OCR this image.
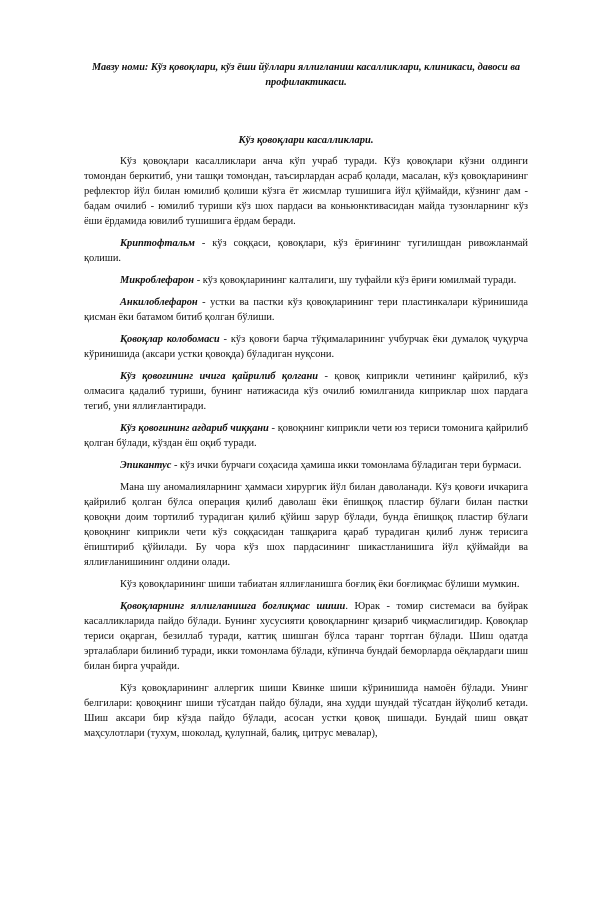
Мавзу номи: Кўз қовоқлари, кўз ёши йўллари яллиғланиш касалликлари, клиникаси, давоси ва профилактикаси.
Кўз қовоқлари касалликлари.

Кўз қовоқлари касалликлари анча кўп учраб туради. Кўз қовоқлари кўзни олдинги томондан беркитиб, уни ташқи томондан, таъсирлардан асраб қолади, масалан, кўз қовоқларининг рефлектор йўл билан юмилиб қолиши кўзга ёт жисмлар тушишига йўл қўймайди, кўзнинг дам - бадам очилиб - юмилиб туриши кўз шох пардаси ва коньюнктивасидан майда тузонларнинг кўз ёши ёрдамида ювилиб тушишига ёрдам беради.

Криптофтальм - кўз соққаси, қовоқлари, кўз ёриғининг тугилишдан ривожланмай қолиши.

Микроблефарон - кўз қовоқларининг калталиги, шу туфайли кўз ёриғи юмилмай туради.

Анкилоблефарон - устки ва пастки кўз қовоқларининг тери пластинкалари кўринишида қисман ёки батамом битиб қолган бўлиши.

Қовоқлар колобомаси - кўз қовоғи барча тўқималарининг учбурчак ёки думалоқ чуқурча кўринишида (аксари устки қовоқда) бўладиган нуқсони.

Кўз қовоғининг ичига қайрилиб қолгани - қовоқ киприкли четининг қайрилиб, кўз олмасига қадалиб туриши, бунинг натижасида кўз очилиб юмилганида киприклар шох пардага тегиб, уни яллиғлантиради.

Кўз қовоғининг ағдариб чиққани - қовоқнинг киприкли чети юз териси томонига қайрилиб қолган бўлади, кўздан ёш оқиб туради.

Эпикантус - кўз ички бурчаги соҳасида ҳамиша икки томонлама бўладиган тери бурмаси.

Мана шу аномалияларнинг ҳаммаси хирургик йўл билан даволанади. Кўз қовоғи ичкарига қайрилиб қолган бўлса операция қилиб даволаш ёки ёпишқоқ пластир бўлаги билан пастки қовоқни доим тортилиб турадиган қилиб қўйиш зарур бўлади, бунда ёпишқоқ пластир бўлаги қовоқнинг киприкли чети кўз соққасидан ташқарига қараб турадиган қилиб лунж терисига ёпиштириб қўйилади. Бу чора кўз шох пардасининг шикастланишига йўл қўймайди ва яллиғланишининг олдини олади.

Кўз қовоқларининг шиши табиатан яллиғланишга боғлиқ ёки боғлиқмас бўлиши мумкин.

Қовоқларнинг яллиғланишга боғлиқмас шиши. Юрак - томир системаси ва буйрак касалликларида пайдо бўлади. Бунинг хусусияти қовоқларнинг қизариб чиқмаслигидир. Қовоқлар териси оқарган, безиллаб туради, каттиқ шишган бўлса таранг тортган бўлади. Шиш одатда эрталаблари билиниб туради, икки томонлама бўлади, кўпинча бундай беморларда оёқлардаги шиш билан бирга учрайди.

Кўз қовоқларининг аллергик шиши Квинке шиши кўринишида намоён бўлади. Унинг белгилари: қовоқнинг шиши тўсатдан пайдо бўлади, яна худди шундай тўсатдан йўқолиб кетади. Шиш аксари бир кўзда пайдо бўлади, асосан устки қовоқ шишади. Бундай шиш овқат маҳсулотлари (тухум, шоколад, қулупнай, балиқ, цитрус мевалар),
